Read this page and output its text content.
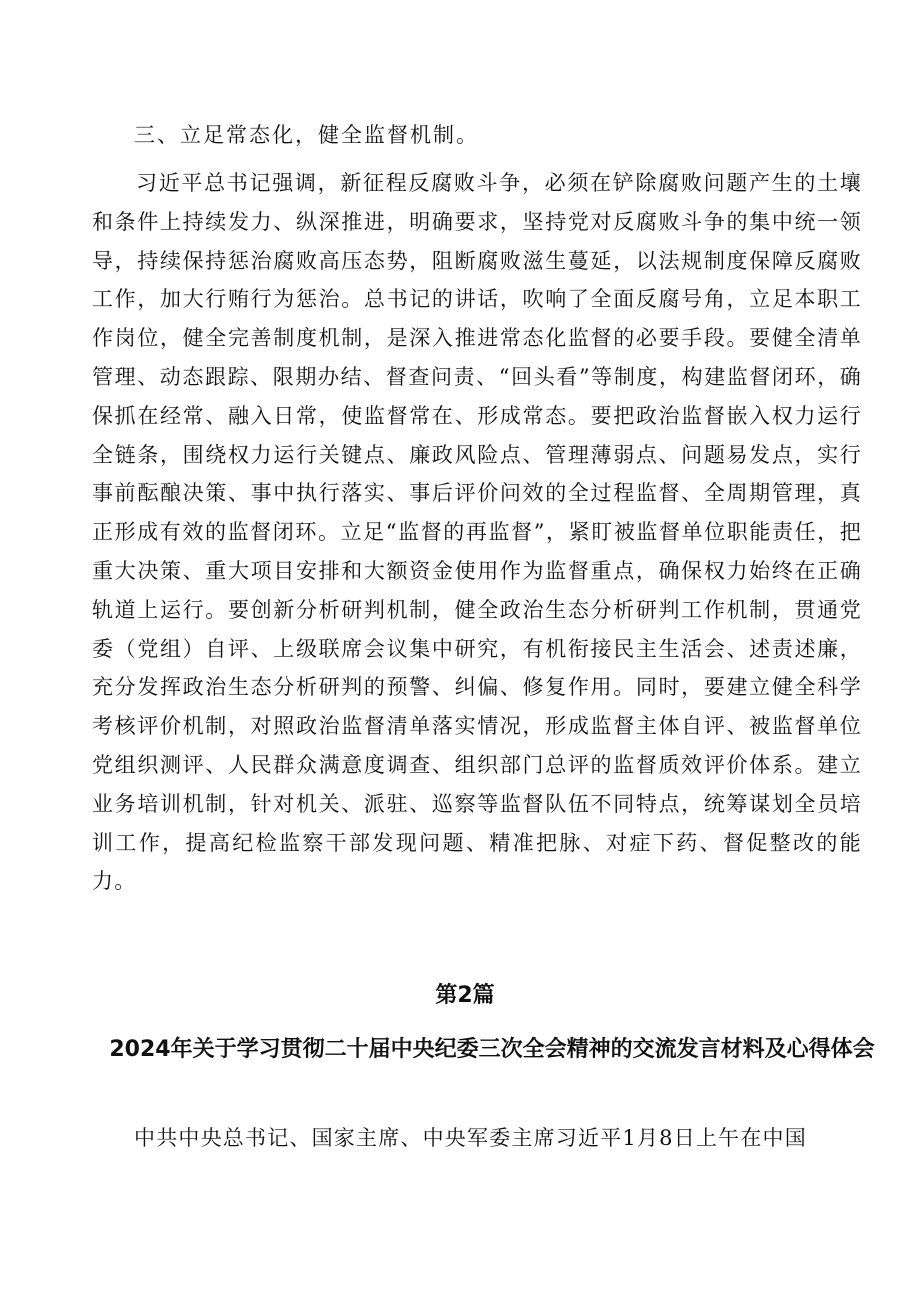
三、立足常态化，健全监督机制。

习近平总书记强调，新征程反腐败斗争，必须在铲除腐败问题产生的土壤和条件上持续发力、纵深推进，明确要求，坚持党对反腐败斗争的集中统一领导，持续保持惩治腐败高压态势，阻断腐败滋生蔓延，以法规制度保障反腐败工作，加大行贿行为惩治。总书记的讲话，吹响了全面反腐号角，立足本职工作岗位，健全完善制度机制，是深入推进常态化监督的必要手段。要健全清单管理、动态跟踪、限期办结、督查问责、“回头看”等制度，构建监督闭环，确保抓在经常、融入日常，使监督常在、形成常态。要把政治监督嵌入权力运行全链条，围绕权力运行关键点、廉政风险点、管理薄弱点、问题易发点，实行事前酝酿决策、事中执行落实、事后评价问效的全过程监督、全周期管理，真正形成有效的监督闭环。立足“监督的再监督”，紧盯被监督单位职能责任，把重大决策、重大项目安排和大额资金使用作为监督重点，确保权力始终在正确轨道上运行。要创新分析研判机制，健全政治生态分析研判工作机制，贯通党委（党组）自评、上级联席会议集中研究，有机衔接民主生活会、述责述廉，充分发挥政治生态分析研判的预警、纠偏、修复作用。同时，要建立健全科学考核评价机制，对照政治监督清单落实情况，形成监督主体自评、被监督单位党组织测评、人民群众满意度调查、组织部门总评的监督质效评价体系。建立业务培训机制，针对机关、派驻、巡察等监督队伍不同特点，统筹谋划全员培训工作，提高纪检监察干部发现问题、精准把脉、对症下药、督促整改的能力。

第2篇
2024年关于学习贯彻二十届中央纪委三次全会精神的交流发言材料及心得体会
中共中央总书记、国家主席、中央军委主席习近平1月8日上午在中国
